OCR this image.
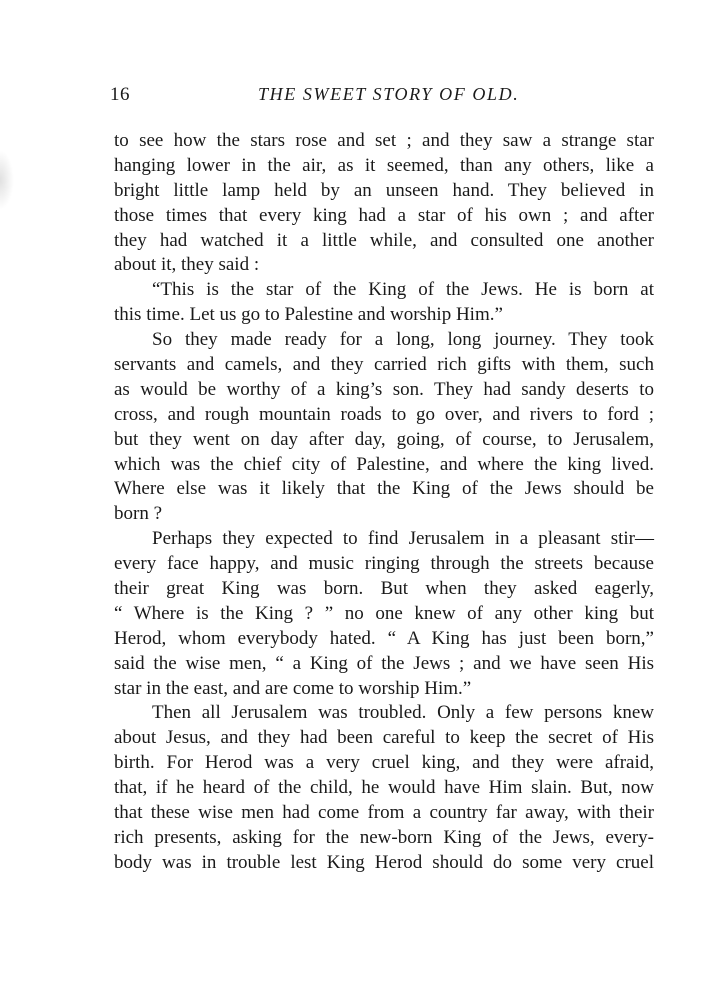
16	THE SWEET STORY OF OLD.
to see how the stars rose and set ; and they saw a strange star
hanging lower in the air, as it seemed, than any others, like a
bright little lamp held by an unseen hand. They believed in
those times that every king had a star of his own ; and after
they had watched it a little while, and consulted one another
about it, they said :
“This is the star of the King of the Jews. He is born at
this time. Let us go to Palestine and worship Him.”
So they made ready for a long, long journey. They took
servants and camels, and they carried rich gifts with them, such
as would be worthy of a king’s son. They had sandy deserts to
cross, and rough mountain roads to go over, and rivers to ford ;
but they went on day after day, going, of course, to Jerusalem,
which was the chief city of Palestine, and where the king lived.
Where else was it likely that the King of the Jews should be
born ?
Perhaps they expected to find Jerusalem in a pleasant stir—
every face happy, and music ringing through the streets because
their great King was born. But when they asked eagerly,
“ Where is the King ? ” no one knew of any other king but
Herod, whom everybody hated. “ A King has just been born,”
said the wise men, “ a King of the Jews ; and we have seen His
star in the east, and are come to worship Him.”
Then all Jerusalem was troubled. Only a few persons knew
about Jesus, and they had been careful to keep the secret of His
birth. For Herod was a very cruel king, and they were afraid,
that, if he heard of the child, he would have Him slain. But, now
that these wise men had come from a country far away, with their
rich presents, asking for the new-born King of the Jews, every-
body was in trouble lest King Herod should do some very cruel
